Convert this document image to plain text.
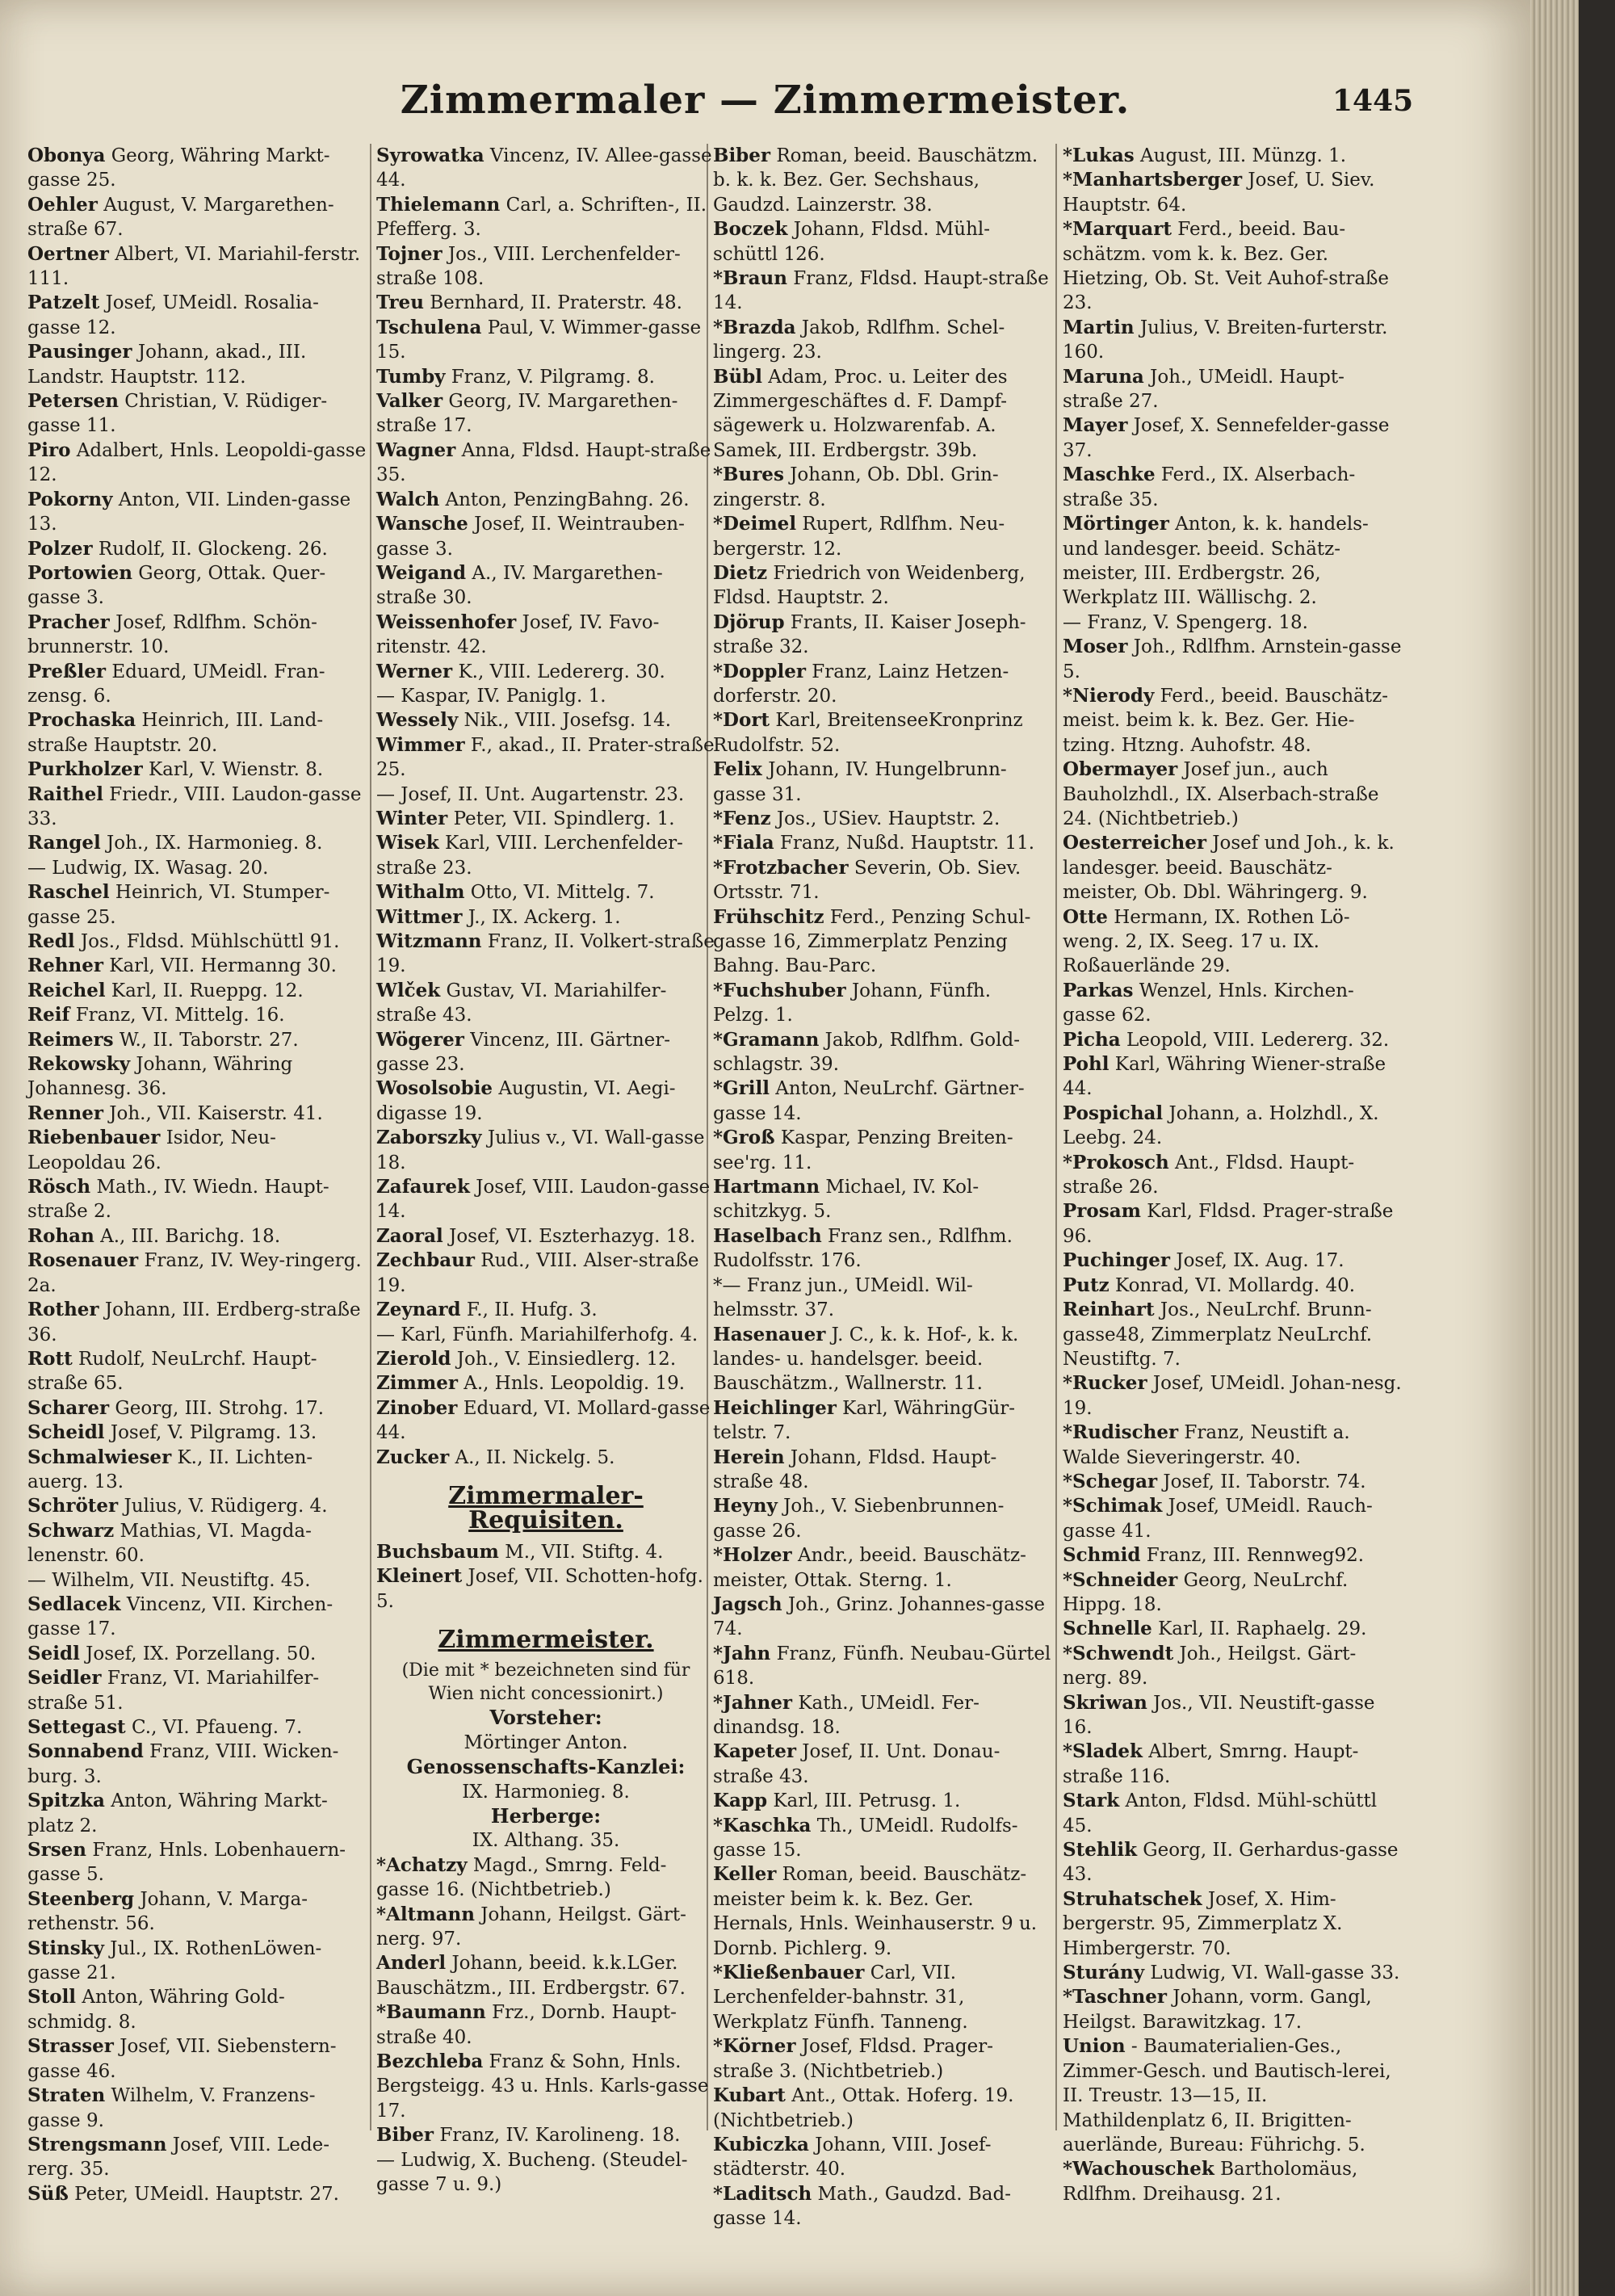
Zimmermaler — Zimmermeister.	1445
Obonya Georg, Währing Markt-gasse 25.
Oehler August, V. Margarethen-straße 67.
Oertner Albert, VI. Mariahil-ferstr. 111.
Patzelt Josef, UMeidl. Rosalia-gasse 12.
Pausinger Johann, akad., III. Landstr. Hauptstr. 112.
Petersen Christian, V. Rüdiger-gasse 11.
Piro Adalbert, Hnls. Leopoldi-gasse 12.
Pokorny Anton, VII. Linden-gasse 13.
Polzer Rudolf, II. Glockeng. 26.
Portowien Georg, Ottak. Quer-gasse 3.
Pracher Josef, Rdlfhm. Schön-brunnerstr. 10.
Preßler Eduard, UMeidl. Fran-zensg. 6.
Prochaska Heinrich, III. Land-straße Hauptstr. 20.
Purkholzer Karl, V. Wienstr. 8.
Raithel Friedr., VIII. Laudon-gasse 33.
Rangel Joh., IX. Harmonieg. 8.
— Ludwig, IX. Wasag. 20.
Raschel Heinrich, VI. Stumper-gasse 25.
Redl Jos., Fldsd. Mühlschüttl 91.
Rehner Karl, VII. Hermanng 30.
Reichel Karl, II. Rueppg. 12.
Reif Franz, VI. Mittelg. 16.
Reimers W., II. Taborstr. 27.
Rekowsky Johann, Währing Johannesg. 36.
Renner Joh., VII. Kaiserstr. 41.
Riebenbauer Isidor, Neu-Leopoldau 26.
Rösch Math., IV. Wiedn. Haupt-straße 2.
Rohan A., III. Barichg. 18.
Rosenauer Franz, IV. Wey-ringerg. 2a.
Rother Johann, III. Erdberg-straße 36.
Rott Rudolf, NeuLrchf. Haupt-straße 65.
Scharer Georg, III. Strohg. 17.
Scheidl Josef, V. Pilgramg. 13.
Schmalwieser K., II. Lichten-auerg. 13.
Schröter Julius, V. Rüdigerg. 4.
Schwarz Mathias, VI. Magda-lenenstr. 60.
— Wilhelm, VII. Neustiftg. 45.
Sedlacek Vincenz, VII. Kirchen-gasse 17.
Seidl Josef, IX. Porzellang. 50.
Seidler Franz, VI. Mariahilfer-straße 51.
Settegast C., VI. Pfaueng. 7.
Sonnabend Franz, VIII. Wicken-burg. 3.
Spitzka Anton, Währing Markt-platz 2.
Srsen Franz, Hnls. Lobenhauern-gasse 5.
Steenberg Johann, V. Marga-rethenstr. 56.
Stinsky Jul., IX. RothenLöwen-gasse 21.
Stoll Anton, Währing Gold-schmidg. 8.
Strasser Josef, VII. Siebenstern-gasse 46.
Straten Wilhelm, V. Franzens-gasse 9.
Strengsmann Josef, VIII. Lede-rerg. 35.
Süß Peter, UMeidl. Hauptstr. 27.
Syrowatka Vincenz, IV. Allee-gasse 44.
Thielemann Carl, a. Schriften-, II. Pfefferg. 3.
Tojner Jos., VIII. Lerchenfelder-straße 108.
Treu Bernhard, II. Praterstr. 48.
Tschulena Paul, V. Wimmer-gasse 15.
Tumby Franz, V. Pilgramg. 8.
Valker Georg, IV. Margarethen-straße 17.
Wagner Anna, Fldsd. Haupt-straße 35.
Walch Anton, PenzingBahng. 26.
Wansche Josef, II. Weintrauben-gasse 3.
Weigand A., IV. Margarethen-straße 30.
Weissenhofer Josef, IV. Favo-ritenstr. 42.
Werner K., VIII. Ledererg. 30.
— Kaspar, IV. Paniglg. 1.
Wessely Nik., VIII. Josefsg. 14.
Wimmer F., akad., II. Prater-straße 25.
— Josef, II. Unt. Augartenstr. 23.
Winter Peter, VII. Spindlerg. 1.
Wisek Karl, VIII. Lerchenfelder-straße 23.
Withalm Otto, VI. Mittelg. 7.
Wittmer J., IX. Ackerg. 1.
Witzmann Franz, II. Volkert-straße 19.
Wlček Gustav, VI. Mariahilfer-straße 43.
Wögerer Vincenz, III. Gärtner-gasse 23.
Wosolsobie Augustin, VI. Aegi-digasse 19.
Zaborszky Julius v., VI. Wall-gasse 18.
Zafaurek Josef, VIII. Laudon-gasse 14.
Zaoral Josef, VI. Eszterhazyg. 18.
Zechbaur Rud., VIII. Alser-straße 19.
Zeynard F., II. Hufg. 3.
— Karl, Fünfh. Mariahilferhofg. 4.
Zierold Joh., V. Einsiedlerg. 12.
Zimmer A., Hnls. Leopoldig. 19.
Zinober Eduard, VI. Mollard-gasse 44.
Zucker A., II. Nickelg. 5.
Zimmermaler-Requisiten.
Buchsbaum M., VII. Stiftg. 4.
Kleinert Josef, VII. Schotten-hofg. 5.
Zimmermeister.
(Die mit * bezeichneten sind für Wien nicht concessionirt.)
Vorsteher:
Mörtinger Anton.
Genossenschafts-Kanzlei:
IX. Harmonieg. 8.
Herberge:
IX. Althang. 35.
*Achatzy Magd., Smrng. Feld-gasse 16. (Nichtbetrieb.)
*Altmann Johann, Heilgst. Gärt-nerg. 97.
Anderl Johann, beeid. k.k.LGer. Bauschätzm., III. Erdbergstr. 67.
*Baumann Frz., Dornb. Haupt-straße 40.
Bezchleba Franz & Sohn, Hnls. Bergsteigg. 43 u. Hnls. Karls-gasse 17.
Biber Franz, IV. Karolineng. 18.
— Ludwig, X. Bucheng. (Steudel-gasse 7 u. 9.)
Biber Roman, beeid. Bauschätzm. b. k. k. Bez. Ger. Sechshaus, Gaudzd. Lainzerstr. 38.
Boczek Johann, Fldsd. Mühl-schüttl 126.
*Braun Franz, Fldsd. Haupt-straße 14.
*Brazda Jakob, Rdlfhm. Schel-lingerg. 23.
Bübl Adam, Proc. u. Leiter des Zimmergeschäftes d. F. Dampf-sägewerk u. Holzwarenfab. A. Samek, III. Erdbergstr. 39b.
*Bures Johann, Ob. Dbl. Grin-zingerstr. 8.
*Deimel Rupert, Rdlfhm. Neu-bergerstr. 12.
Dietz Friedrich von Weidenberg, Fldsd. Hauptstr. 2.
Djörup Frants, II. Kaiser Joseph-straße 32.
*Doppler Franz, Lainz Hetzen-dorferstr. 20.
*Dort Karl, BreitenseeKronprinz Rudolfstr. 52.
Felix Johann, IV. Hungelbrunn-gasse 31.
*Fenz Jos., USiev. Hauptstr. 2.
*Fiala Franz, Nußd. Hauptstr. 11.
*Frotzbacher Severin, Ob. Siev. Ortsstr. 71.
Frühschitz Ferd., Penzing Schul-gasse 16, Zimmerplatz Penzing Bahng. Bau-Parc.
*Fuchshuber Johann, Fünfh. Pelzg. 1.
*Gramann Jakob, Rdlfhm. Gold-schlagstr. 39.
*Grill Anton, NeuLrchf. Gärtner-gasse 14.
*Groß Kaspar, Penzing Breiten-see'rg. 11.
Hartmann Michael, IV. Kol-schitzkyg. 5.
Haselbach Franz sen., Rdlfhm. Rudolfsstr. 176.
*— Franz jun., UMeidl. Wil-helmsstr. 37.
Hasenauer J. C., k. k. Hof-, k. k. landes- u. handelsger. beeid. Bauschätzm., Wallnerstr. 11.
Heichlinger Karl, WähringGür-telstr. 7.
Herein Johann, Fldsd. Haupt-straße 48.
Heyny Joh., V. Siebenbrunnen-gasse 26.
*Holzer Andr., beeid. Bauschätz-meister, Ottak. Sterng. 1.
Jagsch Joh., Grinz. Johannes-gasse 74.
*Jahn Franz, Fünfh. Neubau-Gürtel 618.
*Jahner Kath., UMeidl. Fer-dinandsg. 18.
Kapeter Josef, II. Unt. Donau-straße 43.
Kapp Karl, III. Petrusg. 1.
*Kaschka Th., UMeidl. Rudolfs-gasse 15.
Keller Roman, beeid. Bauschätz-meister beim k. k. Bez. Ger. Hernals, Hnls. Weinhauserstr. 9 u. Dornb. Pichlerg. 9.
*Kließenbauer Carl, VII. Lerchenfelder-bahnstr. 31, Werkplatz Fünfh. Tanneng.
*Körner Josef, Fldsd. Prager-straße 3. (Nichtbetrieb.)
Kubart Ant., Ottak. Hoferg. 19. (Nichtbetrieb.)
Kubiczka Johann, VIII. Josef-städterstr. 40.
*Laditsch Math., Gaudzd. Bad-gasse 14.
*Lukas August, III. Münzg. 1.
*Manhartsberger Josef, U. Siev. Hauptstr. 64.
*Marquart Ferd., beeid. Bau-schätzm. vom k. k. Bez. Ger. Hietzing, Ob. St. Veit Auhof-straße 23.
Martin Julius, V. Breiten-furterstr. 160.
Maruna Joh., UMeidl. Haupt-straße 27.
Mayer Josef, X. Sennefelder-gasse 37.
Maschke Ferd., IX. Alserbach-straße 35.
Mörtinger Anton, k. k. handels- und landesger. beeid. Schätz-meister, III. Erdbergstr. 26, Werkplatz III. Wällischg. 2.
— Franz, V. Spengerg. 18.
Moser Joh., Rdlfhm. Arnstein-gasse 5.
*Nierody Ferd., beeid. Bauschätz-meist. beim k. k. Bez. Ger. Hie-tzing. Htzng. Auhofstr. 48.
Obermayer Josef jun., auch Bauholzhdl., IX. Alserbach-straße 24. (Nichtbetrieb.)
Oesterreicher Josef und Joh., k. k. landesger. beeid. Bauschätz-meister, Ob. Dbl. Währingerg. 9.
Otte Hermann, IX. Rothen Lö-weng. 2, IX. Seeg. 17 u. IX. Roßauerlände 29.
Parkas Wenzel, Hnls. Kirchen-gasse 62.
Picha Leopold, VIII. Ledererg. 32.
Pohl Karl, Währing Wiener-straße 44.
Pospichal Johann, a. Holzhdl., X. Leebg. 24.
*Prokosch Ant., Fldsd. Haupt-straße 26.
Prosam Karl, Fldsd. Prager-straße 96.
Puchinger Josef, IX. Aug. 17.
Putz Konrad, VI. Mollardg. 40.
Reinhart Jos., NeuLrchf. Brunn-gasse48, Zimmerplatz NeuLrchf. Neustiftg. 7.
*Rucker Josef, UMeidl. Johan-nesg. 19.
*Rudischer Franz, Neustift a. Walde Sieveringerstr. 40.
*Schegar Josef, II. Taborstr. 74.
*Schimak Josef, UMeidl. Rauch-gasse 41.
Schmid Franz, III. Rennweg92.
*Schneider Georg, NeuLrchf. Hippg. 18.
Schnelle Karl, II. Raphaelg. 29.
*Schwendt Joh., Heilgst. Gärt-nerg. 89.
Skriwan Jos., VII. Neustift-gasse 16.
*Sladek Albert, Smrng. Haupt-straße 116.
Stark Anton, Fldsd. Mühl-schüttl 45.
Stehlik Georg, II. Gerhardus-gasse 43.
Struhatschek Josef, X. Him-bergerstr. 95, Zimmerplatz X. Himbergerstr. 70.
Sturány Ludwig, VI. Wall-gasse 33.
*Taschner Johann, vorm. Gangl, Heilgst. Barawitzkag. 17.
Union - Baumaterialien-Ges., Zimmer-Gesch. und Bautisch-lerei, II. Treustr. 13—15, II. Mathildenplatz 6, II. Brigitten-auerlände, Bureau: Führichg. 5.
*Wachouschek Bartholomäus, Rdlfhm. Dreihausg. 21.
